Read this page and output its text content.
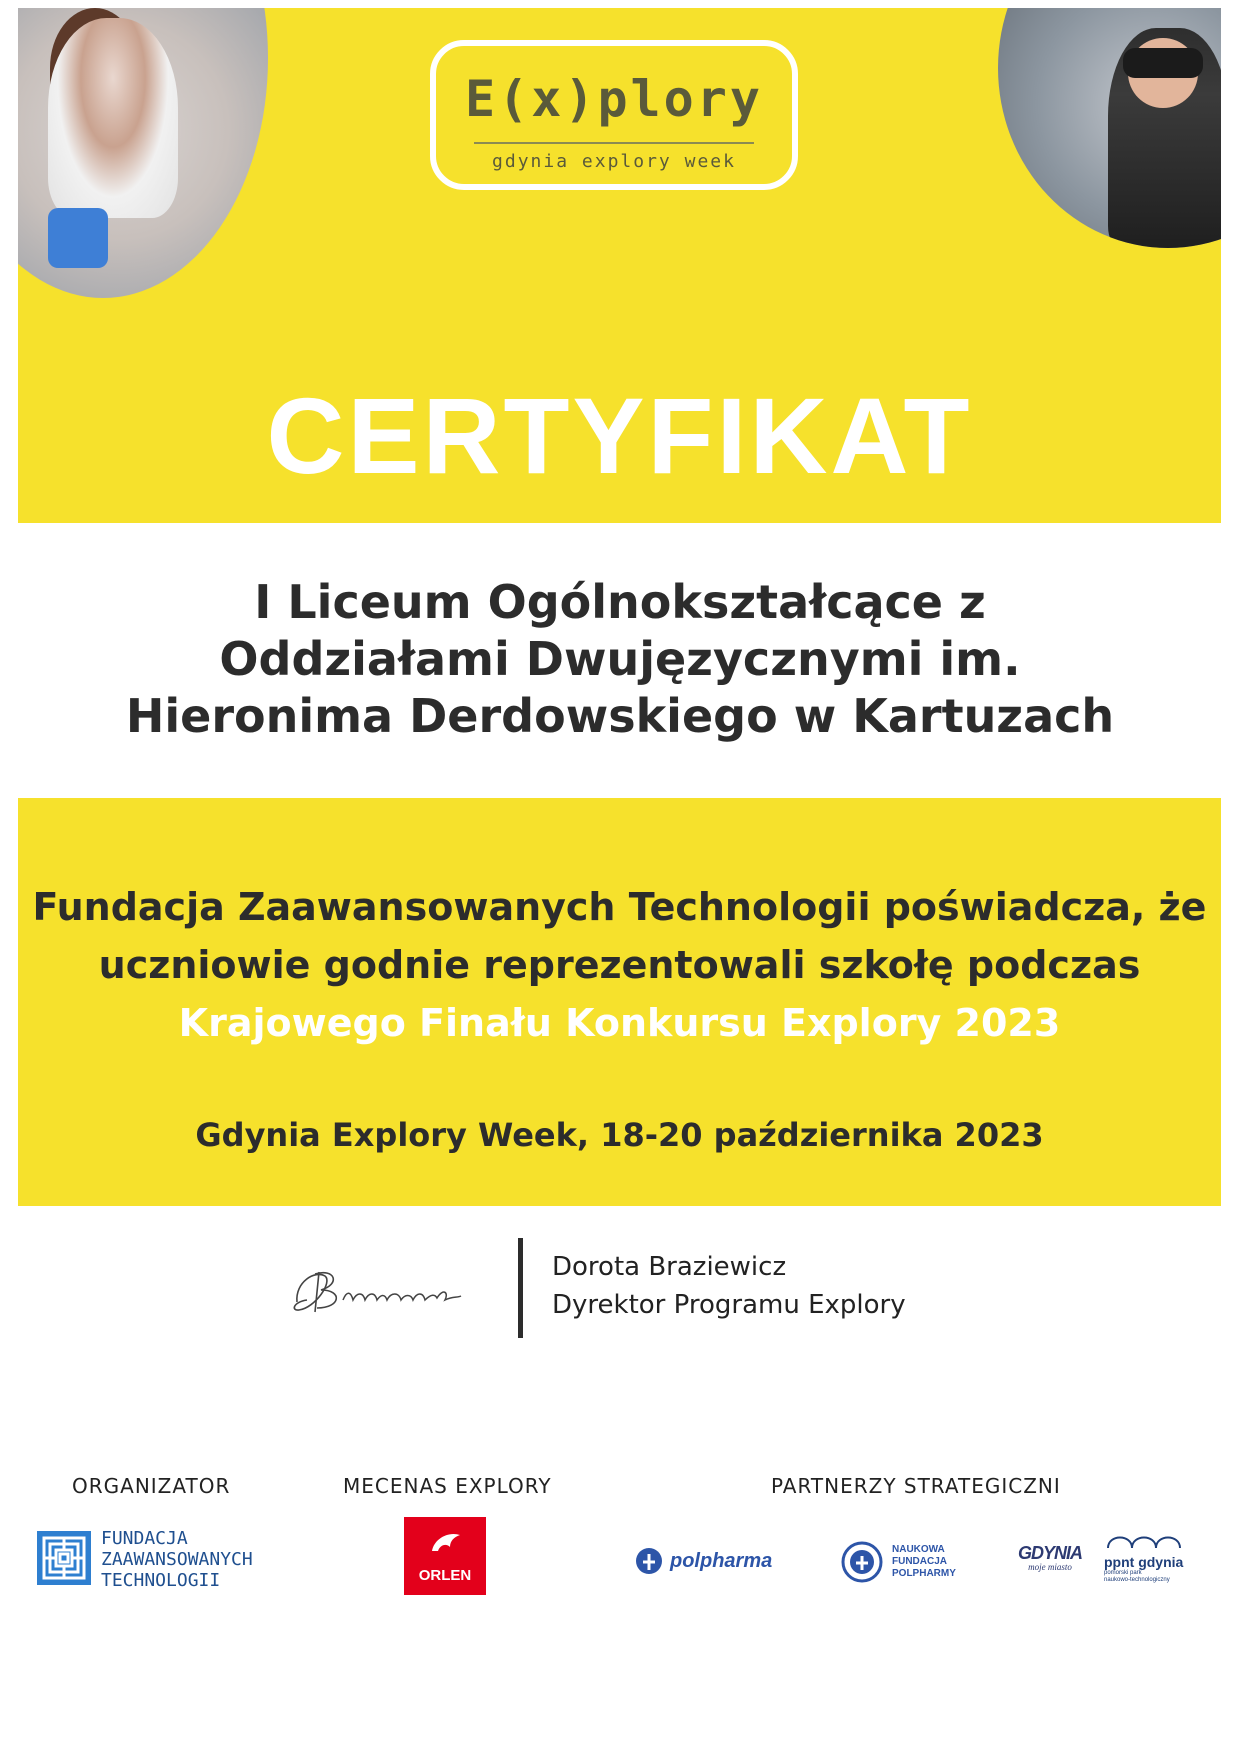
E(x)plory
gdynia explory week
CERTYFIKAT
I Liceum Ogólnokształcące z
Oddziałami Dwujęzycznymi im.
Hieronima Derdowskiego w Kartuzach
Fundacja Zaawansowanych Technologii poświadcza, że
uczniowie godnie reprezentowali szkołę podczas
Krajowego Finału Konkursu Explory 2023
Gdynia Explory Week, 18-20 października 2023
Dorota Braziewicz
Dyrektor Programu Explory
ORGANIZATOR	MECENAS EXPLORY	PARTNERZY STRATEGICZNI
FUNDACJA
ZAAWANSOWANYCH
TECHNOLOGII	ORLEN
polpharma	NAUKOWA
FUNDACJA
POLPHARMY
GDYNIA
moje miasto	ppnt gdynia
pomorski park
naukowo-technologiczny
